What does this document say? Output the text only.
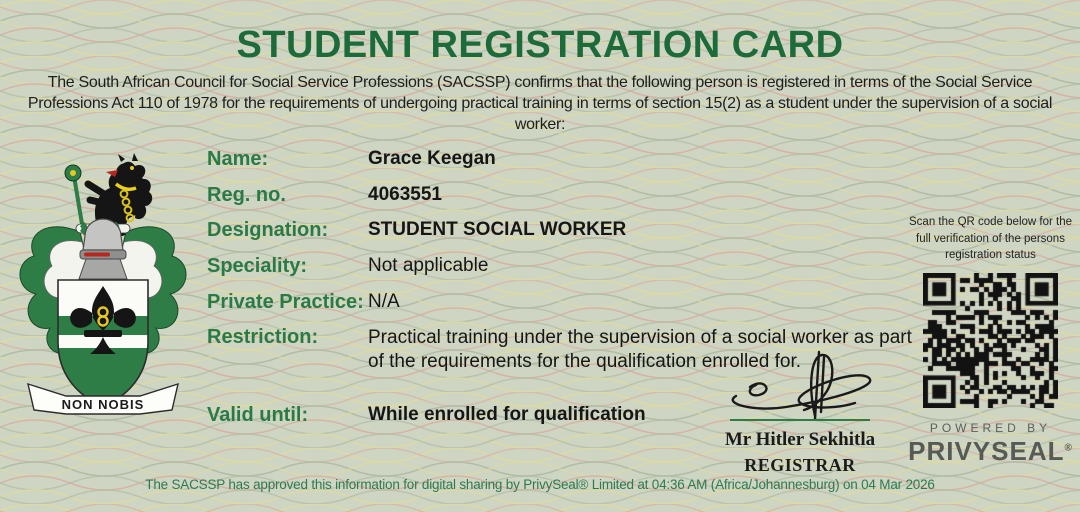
STUDENT REGISTRATION CARD
The South African Council for Social Service Professions (SACSSP) confirms that the following person is registered in terms of the Social Service Professions Act 110 of 1978 for the requirements of undergoing practical training in terms of section 15(2) as a student under the supervision of a social worker:
NON NOBIS
Name:	Grace Keegan
Reg. no.	4063551
Designation:	STUDENT SOCIAL WORKER
Speciality:	Not applicable
Private Practice: N/A
Restriction:	Practical training under the supervision of a social worker as part of the requirements for the qualification enrolled for.
Valid until:	While enrolled for qualification
Mr Hitler Sekhitla
REGISTRAR
Scan the QR code below for the full verification of the persons registration status
POWERED BY
PRIVYSEAL®
The SACSSP has approved this information for digital sharing by PrivySeal® Limited at 04:36 AM (Africa/Johannesburg) on 04 Mar 2026
